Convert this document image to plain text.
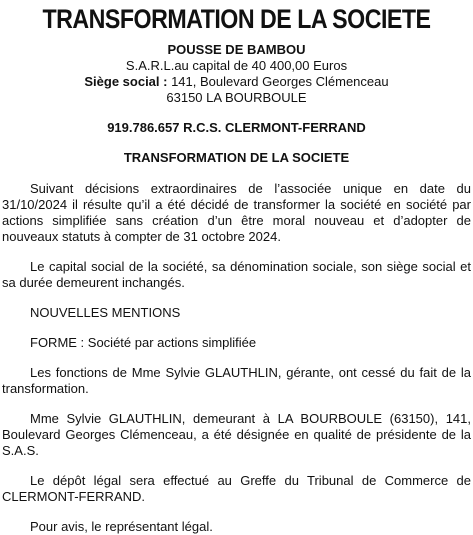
TRANSFORMATION DE LA SOCIETE
POUSSE DE BAMBOU
S.A.R.L.au capital de 40 400,00 Euros
Siège social : 141, Boulevard Georges Clémenceau
63150 LA BOURBOULE
919.786.657 R.C.S. CLERMONT-FERRAND
TRANSFORMATION DE LA SOCIETE

Suivant décisions extraordinaires de l’associée unique en date du 31/10/2024 il résulte qu’il a été décidé de transformer la société en société par actions simplifiée sans création d’un être moral nouveau et d’adopter de nouveaux statuts à compter de 31 octobre 2024.

Le capital social de la société, sa dénomination sociale, son siège social et sa durée demeurent inchangés.

NOUVELLES MENTIONS

FORME : Société par actions simplifiée

Les fonctions de Mme Sylvie GLAUTHLIN, gérante, ont cessé du fait de la transformation.

Mme Sylvie GLAUTHLIN, demeurant à LA BOURBOULE (63150), 141, Boulevard Georges Clémenceau, a été désignée en qualité de présidente de la S.A.S.

Le dépôt légal sera effectué au Greffe du Tribunal de Commerce de CLERMONT-FERRAND.

Pour avis, le représentant légal.
